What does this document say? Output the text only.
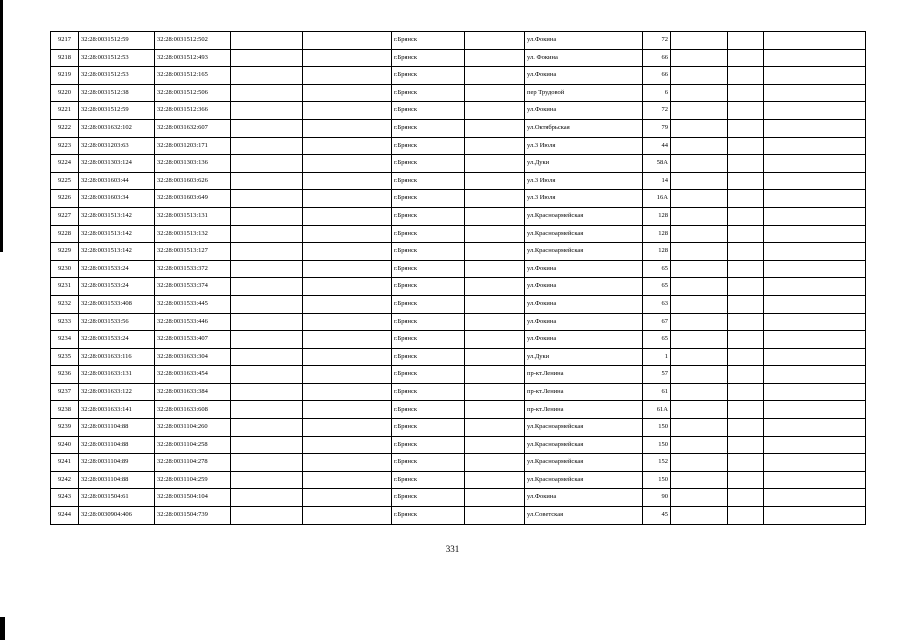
9217	32:28:0031512:59	32:28:0031512:502			г.Брянск		ул.Фокина	72			
9218	32:28:0031512:53	32:28:0031512:493			г.Брянск		ул. Фокина	66			
9219	32:28:0031512:53	32:28:0031512:165			г.Брянск		ул.Фокина	66			
9220	32:28:0031512:38	32:28:0031512:506			г.Брянск		пер Трудовой	6			
9221	32:28:0031512:59	32:28:0031512:366			г.Брянск		ул.Фокина	72			
9222	32:28:0031632:102	32:28:0031632:607			г.Брянск		ул.Октябрьская	79			
9223	32:28:0031203:63	32:28:0031203:171			г.Брянск		ул.3 Июля	44			
9224	32:28:0031303:124	32:28:0031303:136			г.Брянск		ул.Дуки	58А			
9225	32:28:0031603:44	32:28:0031603:626			г.Брянск		ул.3 Июля	14			
9226	32:28:0031603:34	32:28:0031603:649			г.Брянск		ул.3 Июля	16А			
9227	32:28:0031513:142	32:28:0031513:131			г.Брянск		ул.Красноармейская	128			
9228	32:28:0031513:142	32:28:0031513:132			г.Брянск		ул.Красноармейская	128			
9229	32:28:0031513:142	32:28:0031513:127			г.Брянск		ул.Красноармейская	128			
9230	32:28:0031533:24	32:28:0031533:372			г.Брянск		ул.Фокина	65			
9231	32:28:0031533:24	32:28:0031533:374			г.Брянск		ул.Фокина	65			
9232	32:28:0031533:408	32:28:0031533:445			г.Брянск		ул.Фокина	63			
9233	32:28:0031533:56	32:28:0031533:446			г.Брянск		ул.Фокина	67			
9234	32:28:0031533:24	32:28:0031533:407			г.Брянск		ул.Фокина	65			
9235	32:28:0031633:116	32:28:0031633:304			г.Брянск		ул.Дуки	1			
9236	32:28:0031633:131	32:28:0031633:454			г.Брянск		пр-кт.Ленина	57			
9237	32:28:0031633:122	32:28:0031633:384			г.Брянск		пр-кт.Ленина	61			
9238	32:28:0031633:141	32:28:0031633:608			г.Брянск		пр-кт.Ленина	61А			
9239	32:28:0031104:88	32:28:0031104:260			г.Брянск		ул.Красноармейская	150			
9240	32:28:0031104:88	32:28:0031104:258			г.Брянск		ул.Красноармейская	150			
9241	32:28:0031104:89	32:28:0031104:278			г.Брянск		ул.Красноармейская	152			
9242	32:28:0031104:88	32:28:0031104:259			г.Брянск		ул.Красноармейская	150			
9243	32:28:0031504:61	32:28:0031504:104			г.Брянск		ул.Фокина	90			
9244	32:28:0030904:406	32:28:0031504:739			г.Брянск		ул.Советская	45			
331
